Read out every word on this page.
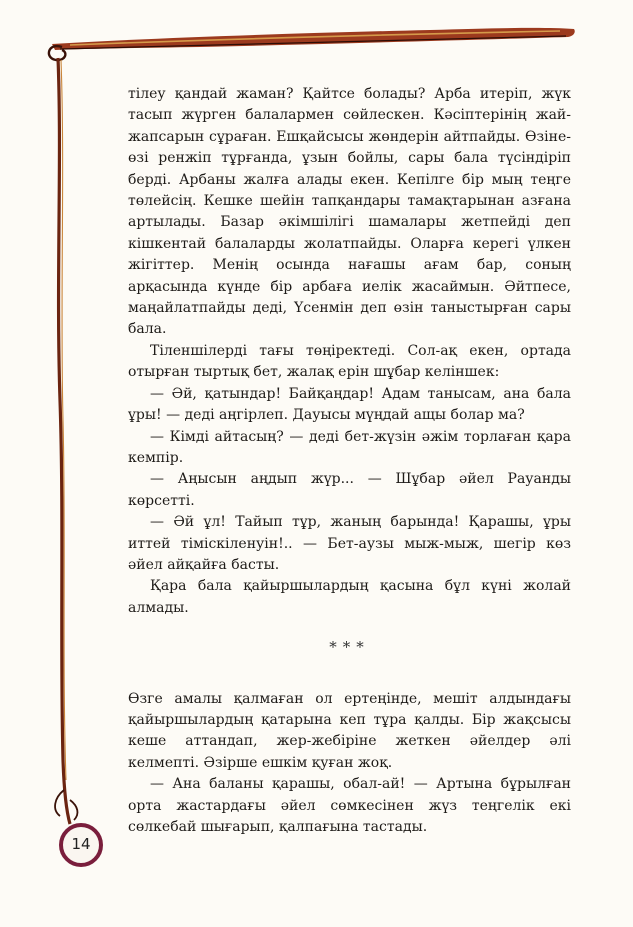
14

тілеу қандай жаман? Қайтсе болады? Арба итеріп, жүк тасып жүрген балалармен сөйлескен. Кәсіптерінің жай-жапсарын сұраған. Ешқайсысы жөндерін айтпайды. Өзіне-өзі ренжіп тұрғанда, ұзын бойлы, сары бала түсіндіріп берді. Арбаны жалға алады екен. Кепілге бір мың теңге төлейсің. Кешке шейін тапқандары тамақтарынан азғана артылады. Базар әкімшілігі шамалары жетпейді деп кішкентай балаларды жолатпайды. Оларға керегі үлкен жігіттер. Менің осында нағашы ағам бар, соның арқасында күнде бір арбаға иелік жасаймын. Әйтпесе, маңайлатпайды деді, Үсенмін деп өзін таныстырған сары бала.

Тіленшілерді тағы төңіректеді. Сол-ақ екен, ортада отырған тыртық бет, жалақ ерін шұбар келіншек:

— Әй, қатындар! Байқаңдар! Адам танысам, ана бала ұры! — деді аңгірлеп. Дауысы мүңдай ащы болар ма?

— Кімді айтасың? — деді бет-жүзін әжім торлаған қара кемпір.

— Аңысын аңдып жүр... — Шұбар әйел Рауанды көрсетті.

— Әй ұл! Тайып тұр, жаның барында! Қарашы, ұры иттей тіміскіленуін!.. — Бет-аузы мыж-мыж, шегір көз әйел айқайға басты.

Қара бала қайыршылардың қасына бұл күні жолай алмады.

***

Өзге амалы қалмаған ол ертеңінде, мешіт алдындағы қайыршылардың қатарына кеп тұра қалды. Бір жақсысы кеше аттандап, жер-жебіріне жеткен әйелдер әлі келмепті. Әзірше ешкім қуған жоқ.

— Ана баланы қарашы, обал-ай! — Артына бұрылған орта жастардағы әйел сөмкесінен жүз теңгелік екі сөлкебай шығарып, қалпағына тастады.
